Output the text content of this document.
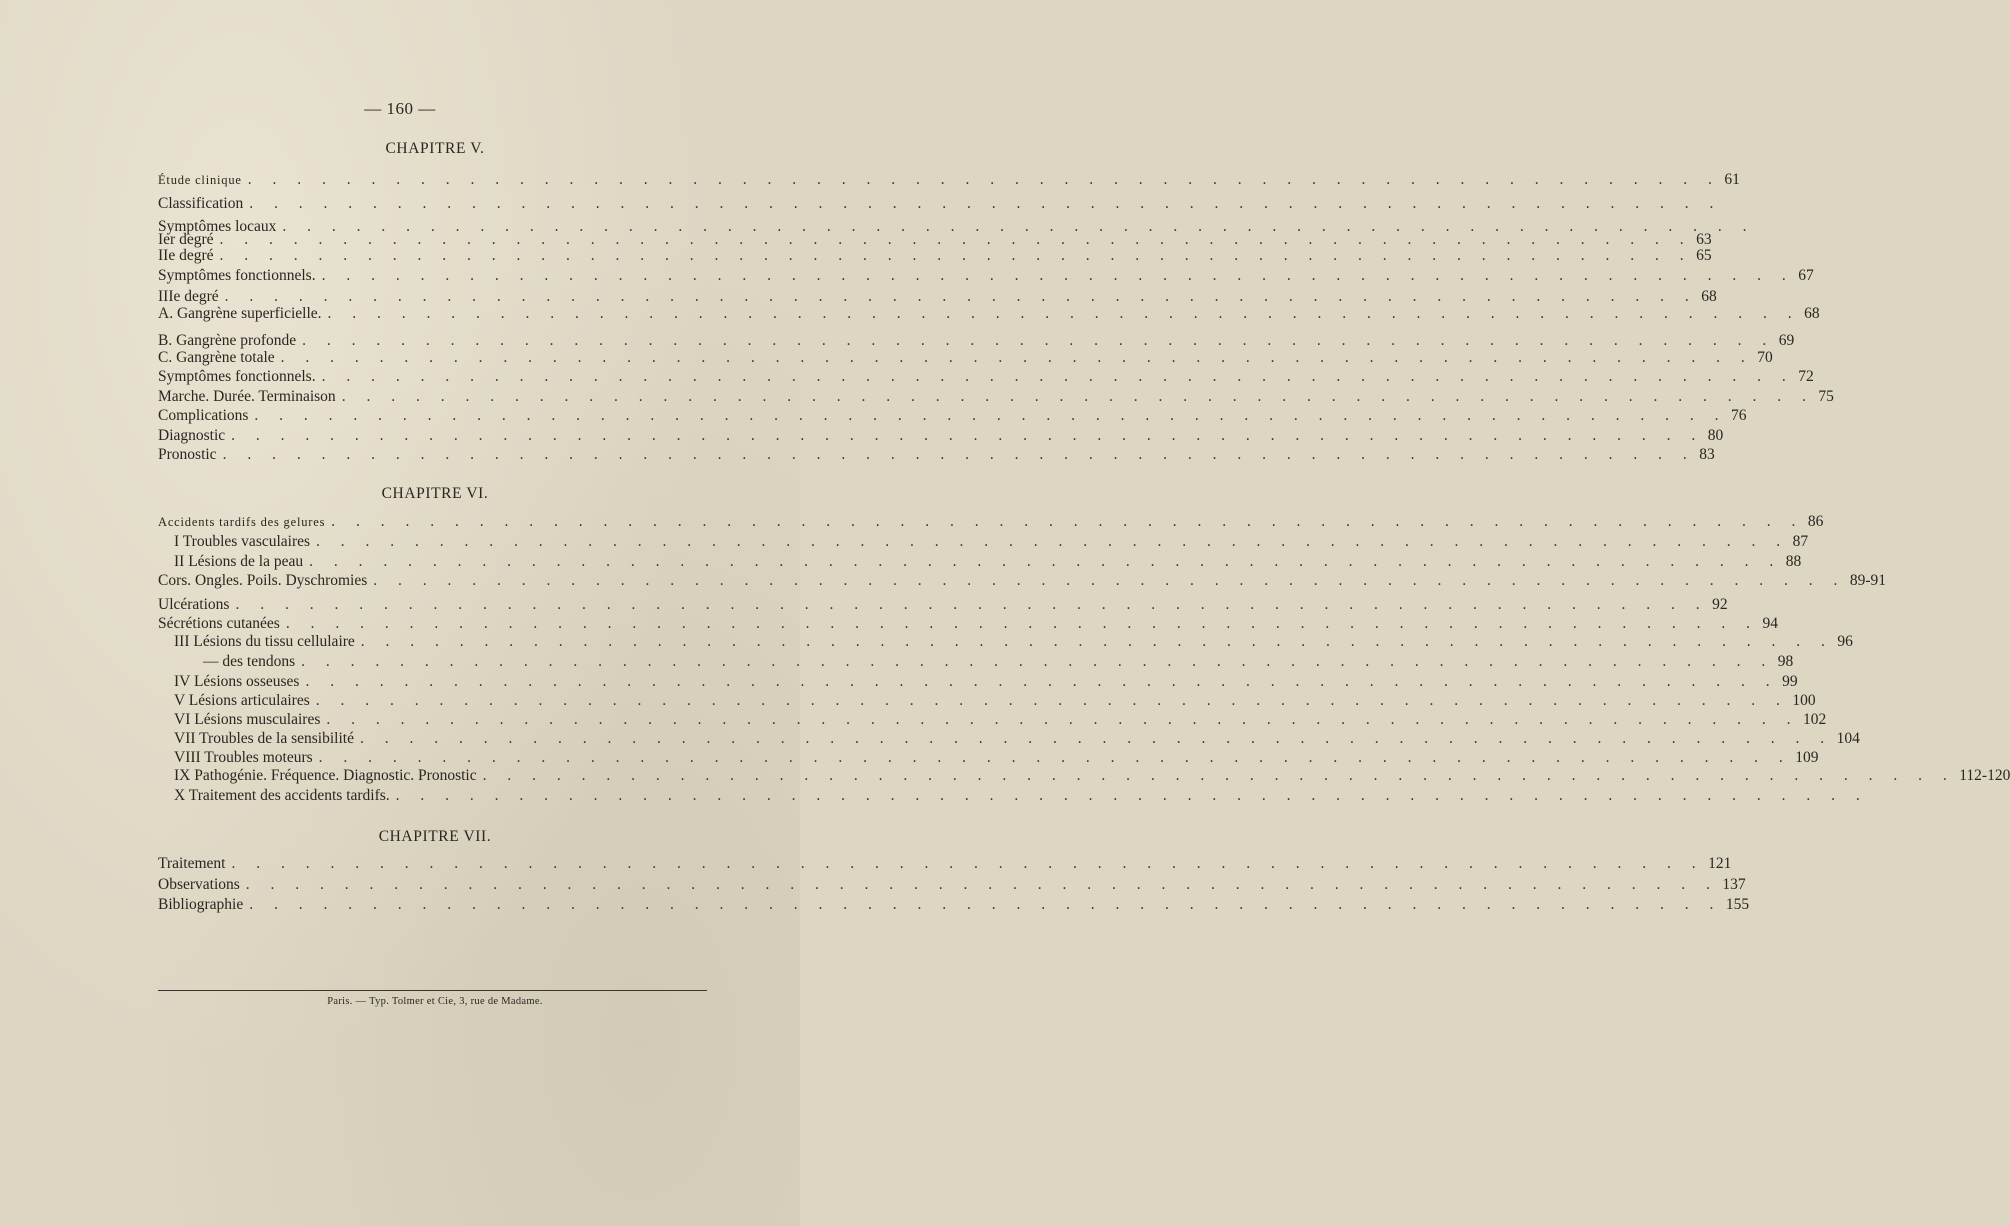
— 160 —
CHAPITRE V.
Étude clinique . . . . . . . . . . . . . . . . . . . . . . . . . . . . . . . . . . . . . . . . . . . . . . . . . . . . . . . . . . . . 61
Classification . . . . . . . . . . . . . . . . . . . . . . . . . . . . . . . . . . . . . . . . . . . . . . . . . . . . . . . . . . . .
Symptômes locaux . . . . . . . . . . . . . . . . . . . . . . . . . . . . . . . . . . . . . . . . . . . . . . . . . . . . . . . . . . . .
Ier degré . . . . . . . . . . . . . . . . . . . . . . . . . . . . . . . . . . . . . . . . . . . . . . . . . . . . . . . . . . . . 63
IIe degré . . . . . . . . . . . . . . . . . . . . . . . . . . . . . . . . . . . . . . . . . . . . . . . . . . . . . . . . . . . . 65
Symptômes fonctionnels. . . . . . . . . . . . . . . . . . . . . . . . . . . . . . . . . . . . . . . . . . . . . . . . . . . . . . . . . . . . . 67
IIIe degré . . . . . . . . . . . . . . . . . . . . . . . . . . . . . . . . . . . . . . . . . . . . . . . . . . . . . . . . . . . . 68
A. Gangrène superficielle. . . . . . . . . . . . . . . . . . . . . . . . . . . . . . . . . . . . . . . . . . . . . . . . . . . . . . . . . . . . . 68
B. Gangrène profonde . . . . . . . . . . . . . . . . . . . . . . . . . . . . . . . . . . . . . . . . . . . . . . . . . . . . . . . . . . . . 69
C. Gangrène totale . . . . . . . . . . . . . . . . . . . . . . . . . . . . . . . . . . . . . . . . . . . . . . . . . . . . . . . . . . . . 70
Symptômes fonctionnels. . . . . . . . . . . . . . . . . . . . . . . . . . . . . . . . . . . . . . . . . . . . . . . . . . . . . . . . . . . . . 72
Marche. Durée. Terminaison . . . . . . . . . . . . . . . . . . . . . . . . . . . . . . . . . . . . . . . . . . . . . . . . . . . . . . . . . . . . 75
Complications . . . . . . . . . . . . . . . . . . . . . . . . . . . . . . . . . . . . . . . . . . . . . . . . . . . . . . . . . . . . 76
Diagnostic . . . . . . . . . . . . . . . . . . . . . . . . . . . . . . . . . . . . . . . . . . . . . . . . . . . . . . . . . . . . 80
Pronostic . . . . . . . . . . . . . . . . . . . . . . . . . . . . . . . . . . . . . . . . . . . . . . . . . . . . . . . . . . . . 83
CHAPITRE VI.
Accidents tardifs des gelures . . . . . . . . . . . . . . . . . . . . . . . . . . . . . . . . . . . . . . . . . . . . . . . . . . . . . . . . . . . . 86
I Troubles vasculaires . . . . . . . . . . . . . . . . . . . . . . . . . . . . . . . . . . . . . . . . . . . . . . . . . . . . . . . . . . . . 87
II Lésions de la peau . . . . . . . . . . . . . . . . . . . . . . . . . . . . . . . . . . . . . . . . . . . . . . . . . . . . . . . . . . . . 88
Cors. Ongles. Poils. Dyschromies . . . . . . . . . . . . . . . . . . . . . . . . . . . . . . . . . . . . . . . . . . . . . . . . . . . . . . . . . . . . 89-91
Ulcérations . . . . . . . . . . . . . . . . . . . . . . . . . . . . . . . . . . . . . . . . . . . . . . . . . . . . . . . . . . . . 92
Sécrétions cutanées . . . . . . . . . . . . . . . . . . . . . . . . . . . . . . . . . . . . . . . . . . . . . . . . . . . . . . . . . . . . 94
III Lésions du tissu cellulaire . . . . . . . . . . . . . . . . . . . . . . . . . . . . . . . . . . . . . . . . . . . . . . . . . . . . . . . . . . . . 96
— des tendons . . . . . . . . . . . . . . . . . . . . . . . . . . . . . . . . . . . . . . . . . . . . . . . . . . . . . . . . . . . . 98
IV Lésions osseuses . . . . . . . . . . . . . . . . . . . . . . . . . . . . . . . . . . . . . . . . . . . . . . . . . . . . . . . . . . . . 99
V Lésions articulaires . . . . . . . . . . . . . . . . . . . . . . . . . . . . . . . . . . . . . . . . . . . . . . . . . . . . . . . . . . . . 100
VI Lésions musculaires . . . . . . . . . . . . . . . . . . . . . . . . . . . . . . . . . . . . . . . . . . . . . . . . . . . . . . . . . . . . 102
VII Troubles de la sensibilité . . . . . . . . . . . . . . . . . . . . . . . . . . . . . . . . . . . . . . . . . . . . . . . . . . . . . . . . . . . . 104
VIII Troubles moteurs . . . . . . . . . . . . . . . . . . . . . . . . . . . . . . . . . . . . . . . . . . . . . . . . . . . . . . . . . . . . 109
IX Pathogénie. Fréquence. Diagnostic. Pronostic . . . . . . . . . . . . . . . . . . . . . . . . . . . . . . . . . . . . . . . . . . . . . . . . . . . . . . . . . . . . 112-120
X Traitement des accidents tardifs. . . . . . . . . . . . . . . . . . . . . . . . . . . . . . . . . . . . . . . . . . . . . . . . . . . . . . . . . . . . .
CHAPITRE VII.
Traitement . . . . . . . . . . . . . . . . . . . . . . . . . . . . . . . . . . . . . . . . . . . . . . . . . . . . . . . . . . . . 121
Observations . . . . . . . . . . . . . . . . . . . . . . . . . . . . . . . . . . . . . . . . . . . . . . . . . . . . . . . . . . . . 137
Bibliographie . . . . . . . . . . . . . . . . . . . . . . . . . . . . . . . . . . . . . . . . . . . . . . . . . . . . . . . . . . . . 155
Paris. — Typ. Tolmer et Cie, 3, rue de Madame.
